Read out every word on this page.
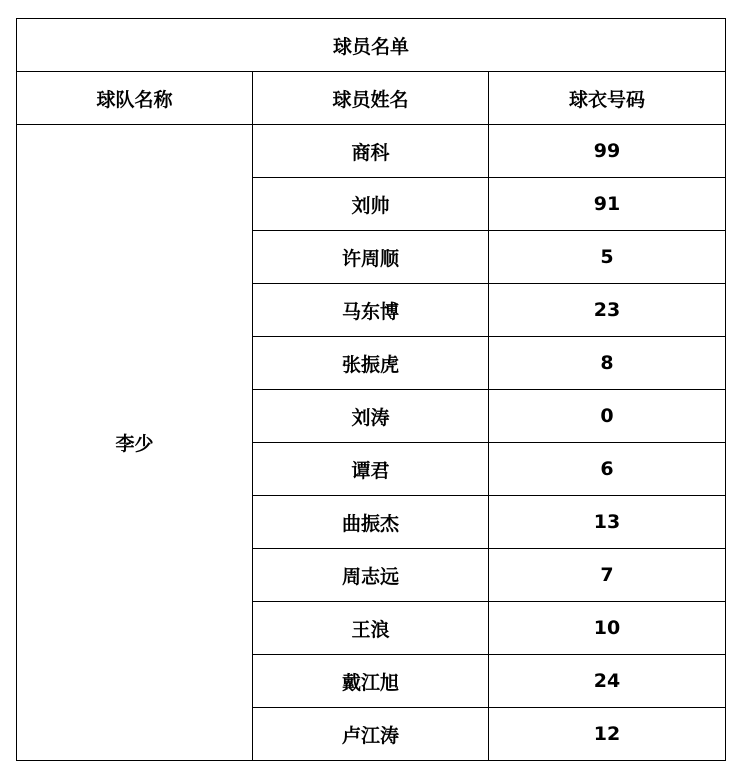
球员名单		
球队名称	球员姓名	球衣号码
李少	商科	99
	刘帅	91
	许周顺	5
	马东博	23
	张振虎	8
	刘涛	0
	谭君	6
	曲振杰	13
	周志远	7
	王浪	10
	戴江旭	24
	卢江涛	12
